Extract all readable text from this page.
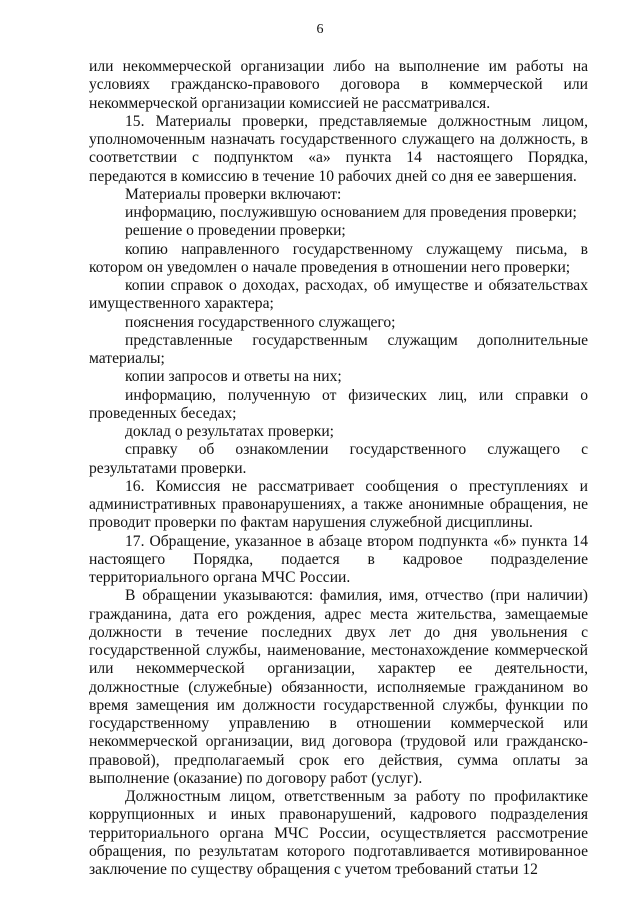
6

или некоммерческой организации либо на выполнение им работы на условиях гражданско-правового договора в коммерческой или некоммерческой организации комиссией не рассматривался.

15. Материалы проверки, представляемые должностным лицом, уполномоченным назначать государственного служащего на должность, в соответствии с подпунктом «а» пункта 14 настоящего Порядка, передаются в комиссию в течение 10 рабочих дней со дня ее завершения.

Материалы проверки включают:

информацию, послужившую основанием для проведения проверки;

решение о проведении проверки;

копию направленного государственному служащему письма, в котором он уведомлен о начале проведения в отношении него проверки;

копии справок о доходах, расходах, об имуществе и обязательствах имущественного характера;

пояснения государственного служащего;

представленные государственным служащим дополнительные материалы;

копии запросов и ответы на них;

информацию, полученную от физических лиц, или справки о проведенных беседах;

доклад о результатах проверки;

справку об ознакомлении государственного служащего с результатами проверки.

16. Комиссия не рассматривает сообщения о преступлениях и административных правонарушениях, а также анонимные обращения, не проводит проверки по фактам нарушения служебной дисциплины.

17. Обращение, указанное в абзаце втором подпункта «б» пункта 14 настоящего Порядка, подается в кадровое подразделение территориального органа МЧС России.

В обращении указываются: фамилия, имя, отчество (при наличии) гражданина, дата его рождения, адрес места жительства, замещаемые должности в течение последних двух лет до дня увольнения с государственной службы, наименование, местонахождение коммерческой или некоммерческой организации, характер ее деятельности, должностные (служебные) обязанности, исполняемые гражданином во время замещения им должности государственной службы, функции по государственному управлению в отношении коммерческой или некоммерческой организации, вид договора (трудовой или гражданско-правовой), предполагаемый срок его действия, сумма оплаты за выполнение (оказание) по договору работ (услуг).

Должностным лицом, ответственным за работу по профилактике коррупционных и иных правонарушений, кадрового подразделения территориального органа МЧС России, осуществляется рассмотрение обращения, по результатам которого подготавливается мотивированное заключение по существу обращения с учетом требований статьи 12
